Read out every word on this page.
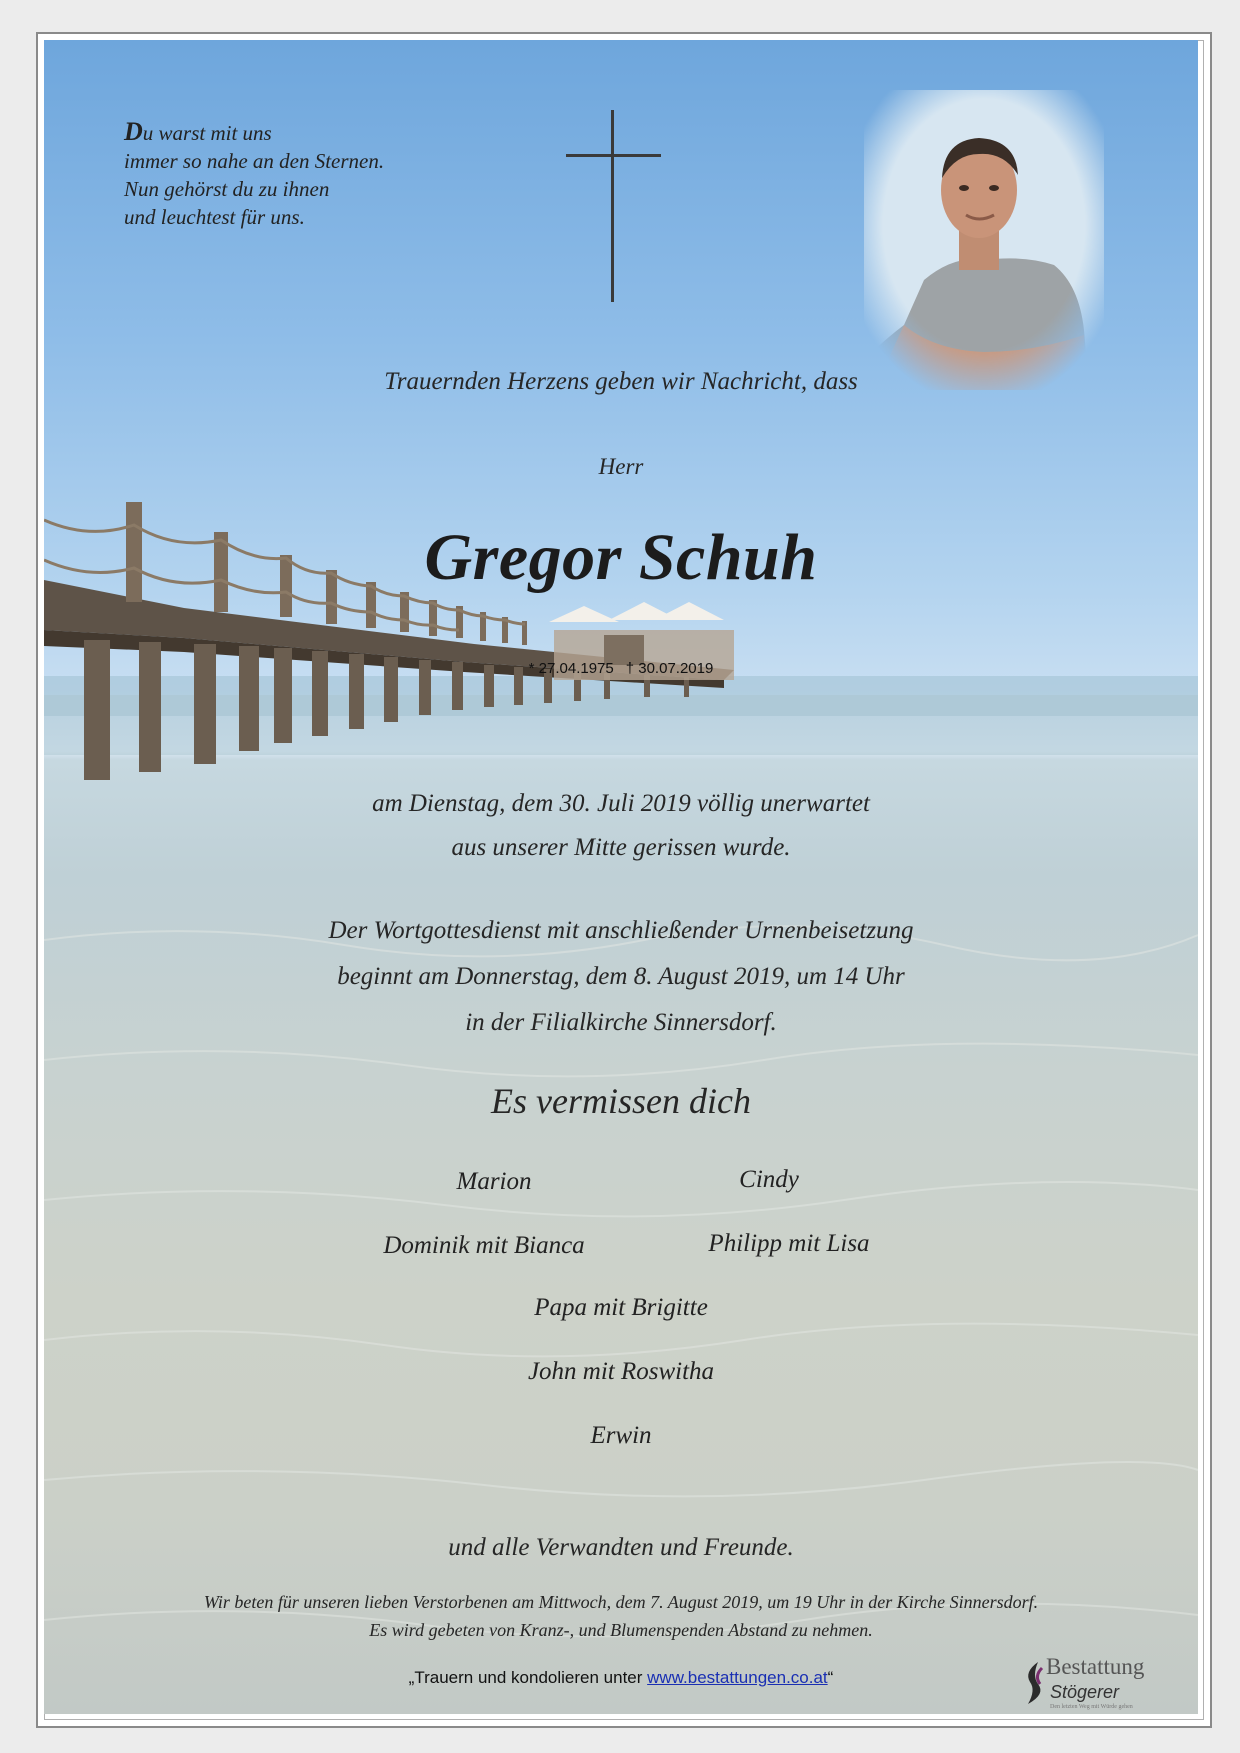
Du warst mit uns
immer so nahe an den Sternen.
Nun gehörst du zu ihnen
und leuchtest für uns.
Trauernden Herzens geben wir Nachricht, dass
Herr
Gregor Schuh
* 27.04.1975 † 30.07.2019
am Dienstag, dem 30. Juli 2019 völlig unerwartet
aus unserer Mitte gerissen wurde.
Der Wortgottesdienst mit anschließender Urnenbeisetzung
beginnt am Donnerstag, dem 8. August 2019, um 14 Uhr
in der Filialkirche Sinnersdorf.
Es vermissen dich
Marion	Cindy
Dominik mit Bianca	Philipp mit Lisa
Papa mit Brigitte
John mit Roswitha
Erwin
und alle Verwandten und Freunde.
Wir beten für unseren lieben Verstorbenen am Mittwoch, dem 7. August 2019, um 19 Uhr in der Kirche Sinnersdorf.
Es wird gebeten von Kranz-, und Blumenspenden Abstand zu nehmen.
„Trauern und kondolieren unter www.bestattungen.co.at“	Bestattung
Stögerer
Den letzten Weg mit Würde gehen
